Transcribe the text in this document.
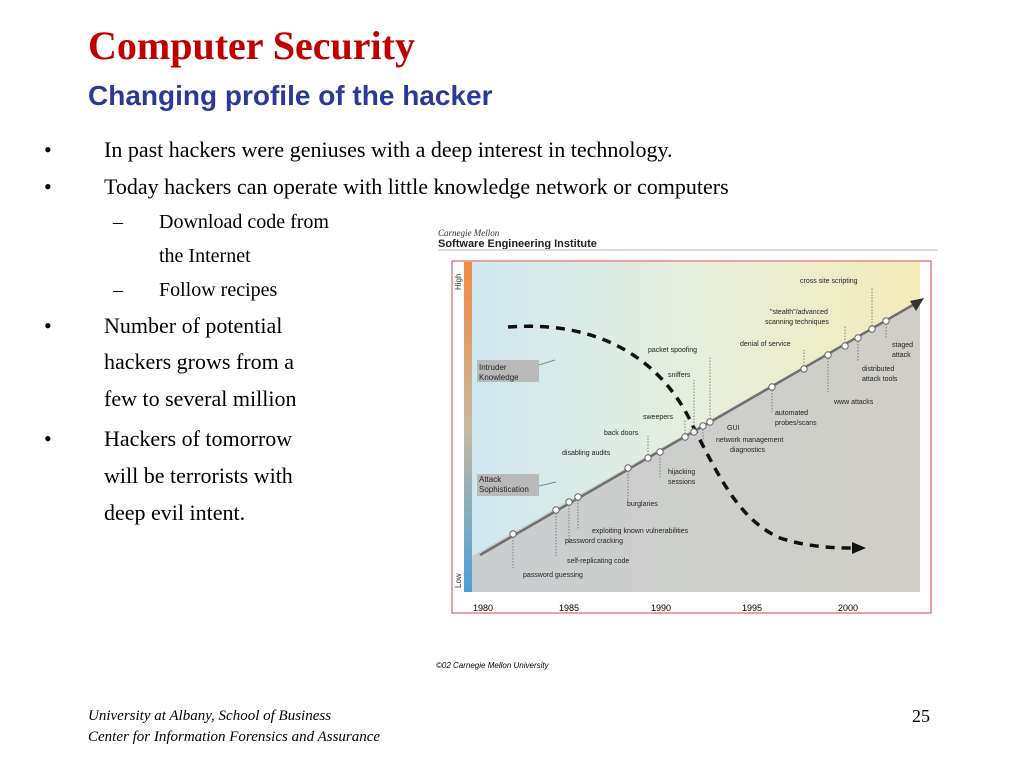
Computer Security
Changing profile of the hacker
• In past hackers were geniuses with a deep interest in technology.
• Today hackers can operate with little knowledge network or computers
– Download code from
the Internet
– Follow recipes
• Number of potential
hackers grows from a
few to several million
• Hackers of tomorrow
will be terrorists with
deep evil intent.
Carnegie Mellon
Software Engineering Institute
High
Low
1980	1985	1990	1995	2000
Intruder
Knowledge
Attack
Sophistication
cross site scripting
"stealth"/advanced
scanning techniques
packet spoofing
denial of service	staged
attack
sniffers
distributed
attack tools
www attacks
automated
probes/scans
sweepers
back doors
GUI
network management
diagnostics
disabling audits
hijacking
sessions
burglaries
exploiting known vulnerabilities
password cracking
self-replicating code
password guessing
©02 Carnegie Mellon University
University at Albany, School of Business
Center for Information Forensics and Assurance
25
